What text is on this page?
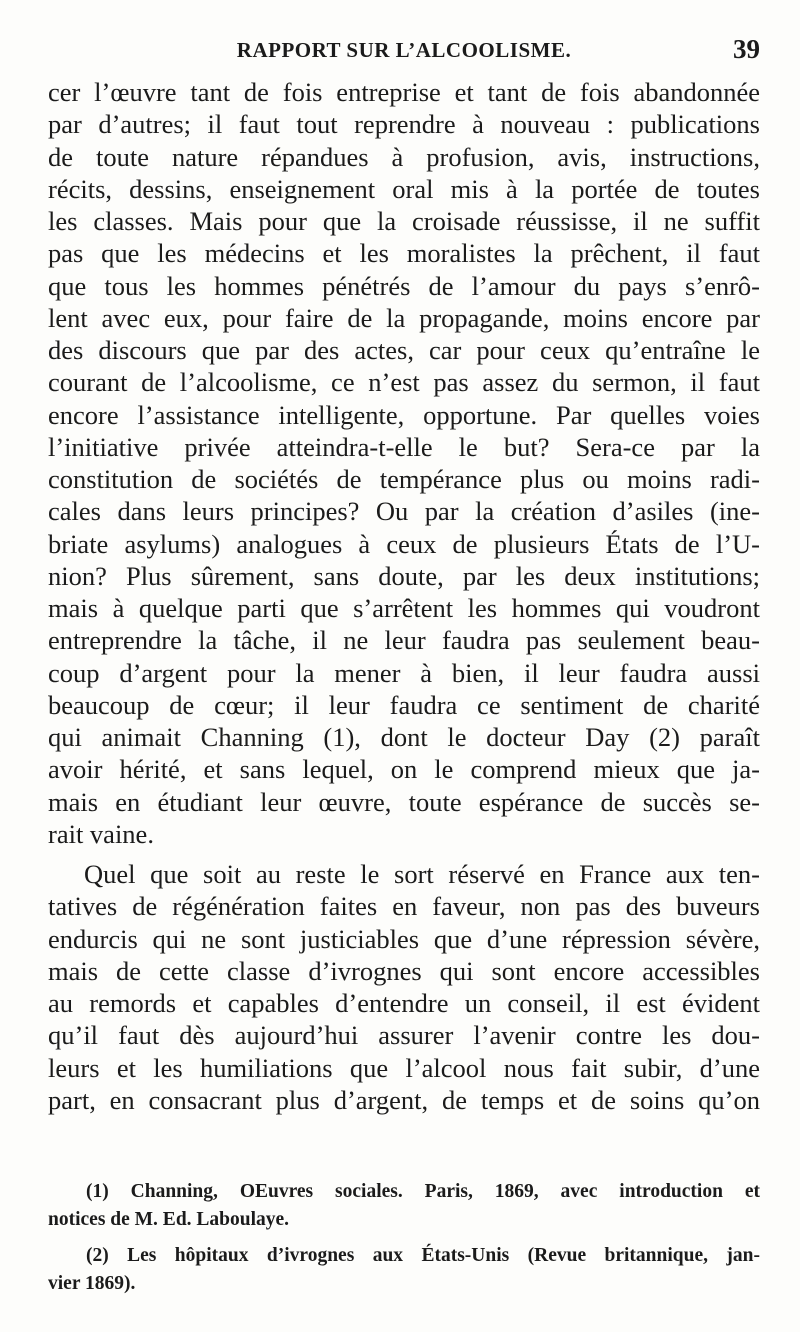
RAPPORT SUR L’ALCOOLISME.	39
cer l’œuvre tant de fois entreprise et tant de fois abandonnée
par d’autres; il faut tout reprendre à nouveau : publications
de toute nature répandues à profusion, avis, instructions,
récits, dessins, enseignement oral mis à la portée de toutes
les classes. Mais pour que la croisade réussisse, il ne suffit
pas que les médecins et les moralistes la prêchent, il faut
que tous les hommes pénétrés de l’amour du pays s’enrô-
lent avec eux, pour faire de la propagande, moins encore par
des discours que par des actes, car pour ceux qu’entraîne le
courant de l’alcoolisme, ce n’est pas assez du sermon, il faut
encore l’assistance intelligente, opportune. Par quelles voies
l’initiative privée atteindra-t-elle le but? Sera-ce par la
constitution de sociétés de tempérance plus ou moins radi-
cales dans leurs principes? Ou par la création d’asiles (ine-
briate asylums) analogues à ceux de plusieurs États de l’U-
nion? Plus sûrement, sans doute, par les deux institutions;
mais à quelque parti que s’arrêtent les hommes qui voudront
entreprendre la tâche, il ne leur faudra pas seulement beau-
coup d’argent pour la mener à bien, il leur faudra aussi
beaucoup de cœur; il leur faudra ce sentiment de charité
qui animait Channing (1), dont le docteur Day (2) paraît
avoir hérité, et sans lequel, on le comprend mieux que ja-
mais en étudiant leur œuvre, toute espérance de succès se-
rait vaine.
Quel que soit au reste le sort réservé en France aux ten-
tatives de régénération faites en faveur, non pas des buveurs
endurcis qui ne sont justiciables que d’une répression sévère,
mais de cette classe d’ivrognes qui sont encore accessibles
au remords et capables d’entendre un conseil, il est évident
qu’il faut dès aujourd’hui assurer l’avenir contre les dou-
leurs et les humiliations que l’alcool nous fait subir, d’une
part, en consacrant plus d’argent, de temps et de soins qu’on
(1) Channing, OEuvres sociales. Paris, 1869, avec introduction et
notices de M. Ed. Laboulaye.
(2) Les hôpitaux d’ivrognes aux États-Unis (Revue britannique, jan-
vier 1869).
